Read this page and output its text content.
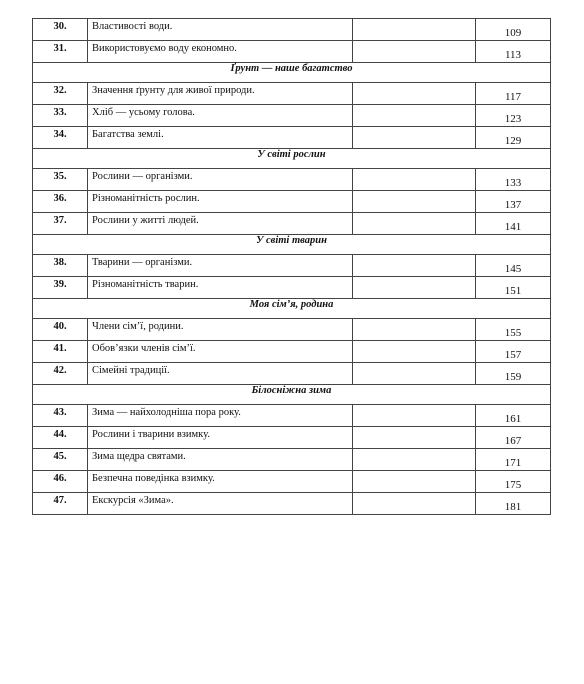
30.	Властивості води.		109
31.	Використовуємо воду економно.		113
Ґрунт — наше багатство			
32.	Значення ґрунту для живої природи.		117
33.	Хліб — усьому голова.		123
34.	Багатства землі.		129
У світі рослин			
35.	Рослини — організми.		133
36.	Різноманітність рослин.		137
37.	Рослини у житті людей.		141
У світі тварин			
38.	Тварини — організми.		145
39.	Різноманітність тварин.		151
Моя сім’я, родина			
40.	Члени сім’ї, родини.		155
41.	Обов’язки членів сім’ї.		157
42.	Сімейні традиції.		159
Білосніжна зима			
43.	Зима — найхолодніша пора року.		161
44.	Рослини і тварини взимку.		167
45.	Зима щедра святами.		171
46.	Безпечна поведінка взимку.		175
47.	Екскурсія «Зима».		181
